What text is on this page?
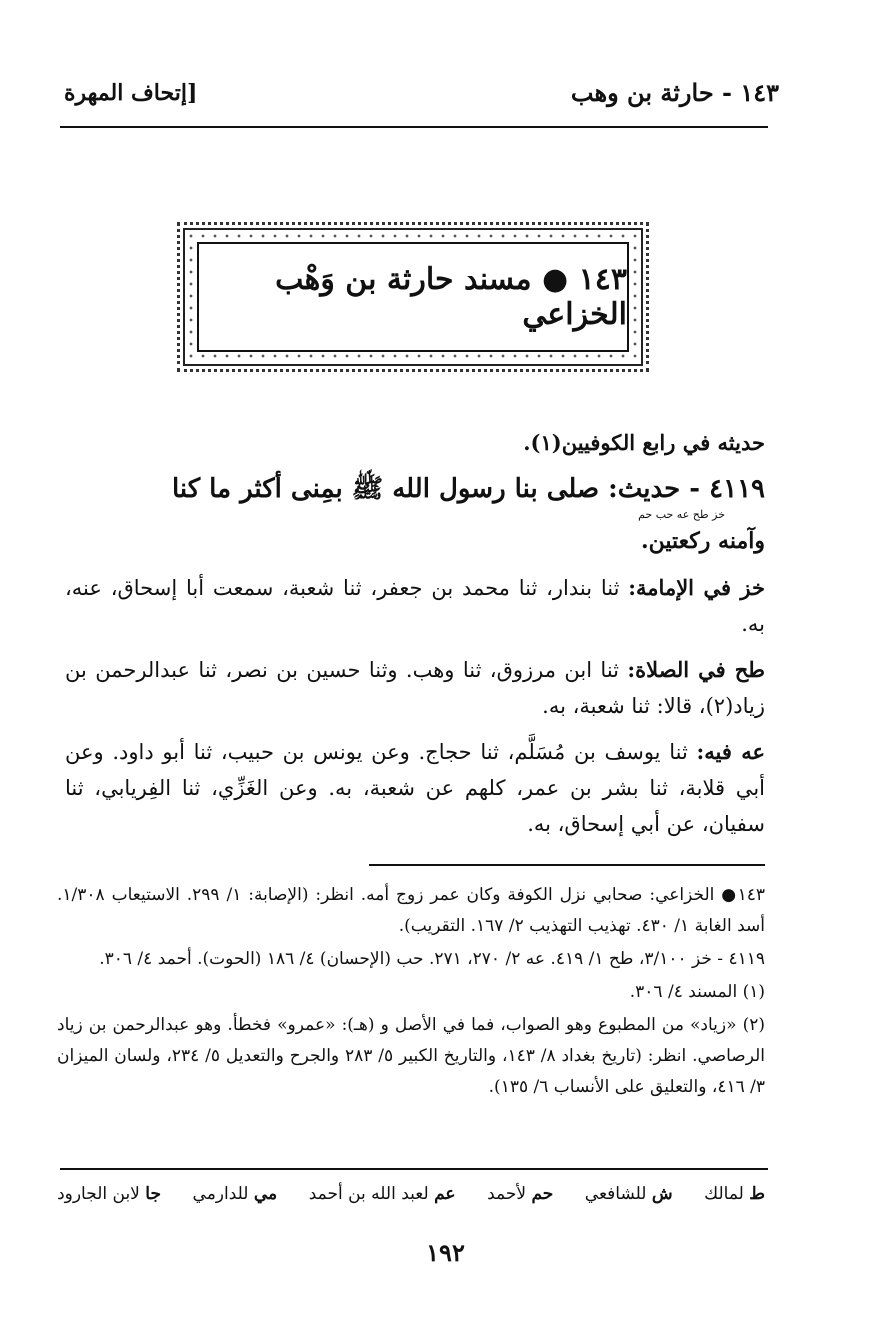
١٤٣ - حارثة بن وهب
[إتحاف المهرة
١٤٣ ● مسند حارثة بن وَهْب الخزاعي
حديثه في رابع الكوفيين(١).
٤١١٩ - حديث: صلى بنا رسول الله ﷺ بمِنى أكثر ما كنا
خز طح عه حب حم
وآمنه ركعتين.
خز في الإمامة: ثنا بندار، ثنا محمد بن جعفر، ثنا شعبة، سمعت أبا إسحاق، عنه، به.
طح في الصلاة: ثنا ابن مرزوق، ثنا وهب. وثنا حسين بن نصر، ثنا عبدالرحمن بن زياد(٢)، قالا: ثنا شعبة، به.
عه فيه: ثنا يوسف بن مُسَلَّم، ثنا حجاج. وعن يونس بن حبيب، ثنا أبو داود. وعن أبي قلابة، ثنا بشر بن عمر، كلهم عن شعبة، به. وعن الغَزِّي، ثنا الفِريابي، ثنا سفيان، عن أبي إسحاق، به.

١٤٣● الخزاعي: صحابي نزل الكوفة وكان عمر زوج أمه. انظر: (الإصابة: ١/ ٢٩٩. الاستيعاب ١/٣٠٨. أسد الغابة ١/ ٤٣٠. تهذيب التهذيب ٢/ ١٦٧. التقريب).

٤١١٩ - خز ٣/١٠٠، طح ١/ ٤١٩. عه ٢/ ٢٧٠، ٢٧١. حب (الإحسان) ٤/ ١٨٦ (الحوت). أحمد ٤/ ٣٠٦.

(١) المسند ٤/ ٣٠٦.

(٢) «زياد» من المطبوع وهو الصواب، فما في الأصل و (هـ): «عمرو» فخطأ. وهو عبدالرحمن بن زياد الرصاصي. انظر: (تاريخ بغداد ٨/ ١٤٣، والتاريخ الكبير ٥/ ٢٨٣ والجرح والتعديل ٥/ ٢٣٤، ولسان الميزان ٣/ ٤١٦، والتعليق على الأنساب ٦/ ١٣٥).

ط لمالك
ش للشافعي
حم لأحمد
عم لعبد الله بن أحمد
مي للدارمي
جا لابن الجارود
١٩٢
